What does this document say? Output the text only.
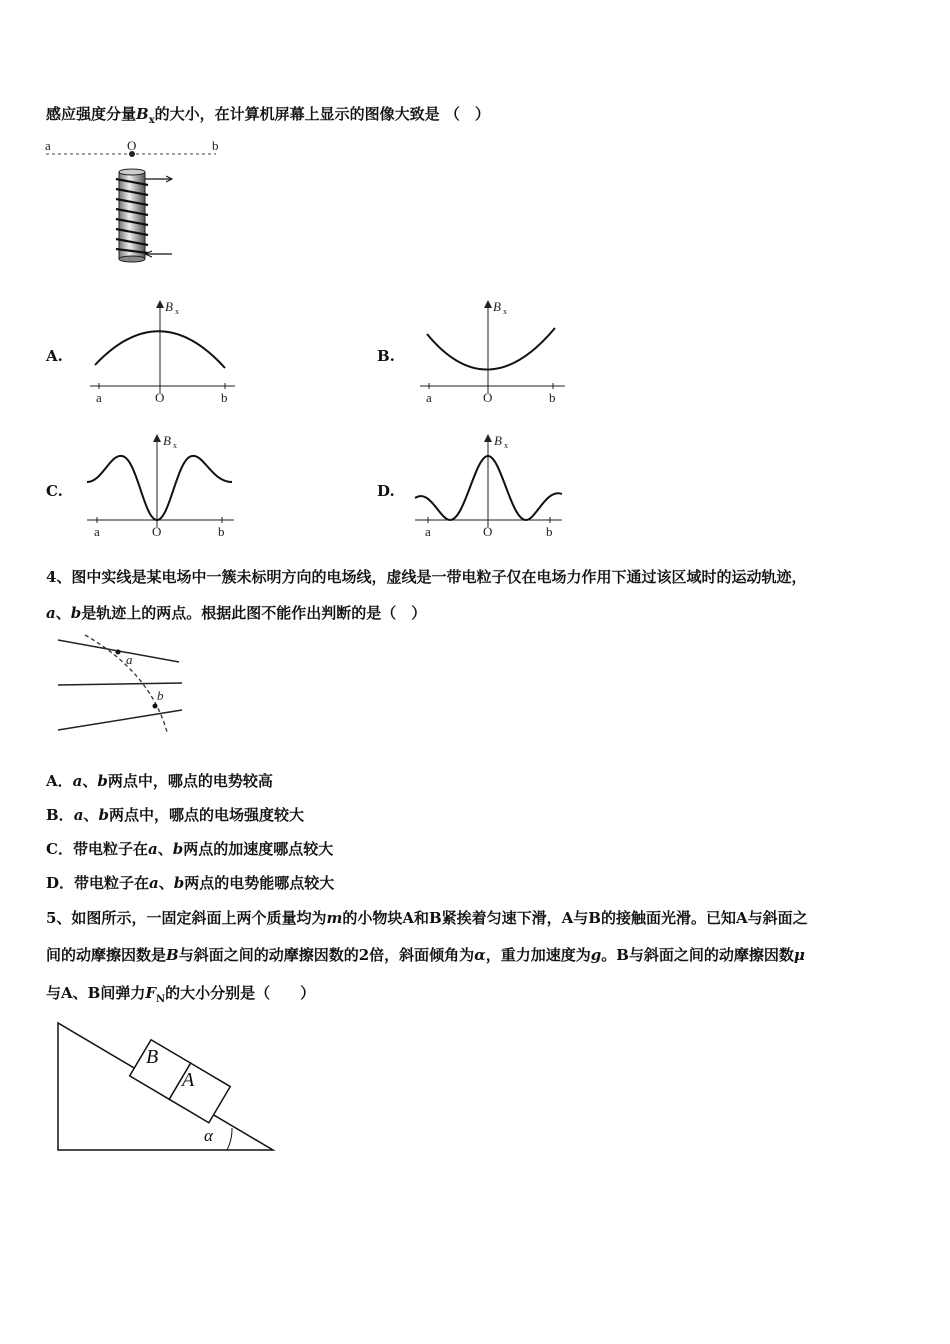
感应强度分量$B_x$的大小，在计算机屏幕上显示的图像大致是 （　）
a	O	b
A.
B x
a	O	b
B.
B x
a	O	b
C.
B x
a	O	b
D.
B x
a	O	b
4、图中实线是某电场中一簇未标明方向的电场线，虚线是一带电粒子仅在电场力作用下通过该区域时的运动轨迹，
a、b是轨迹上的两点。根据此图不能作出判断的是（　）
a
b
A．a、b两点中，哪点的电势较高
B．a、b两点中，哪点的电场强度较大
C．带电粒子在a、b两点的加速度哪点较大
D．带电粒子在a、b两点的电势能哪点较大
5、如图所示，一固定斜面上两个质量均为m的小物块A和B紧挨着匀速下滑，A与B的接触面光滑。已知A与斜面之
间的动摩擦因数是B与斜面之间的动摩擦因数的2倍，斜面倾角为α，重力加速度为g。B与斜面之间的动摩擦因数μ
与A、B间弹力$F_N$的大小分别是（　　）
B
A
α
